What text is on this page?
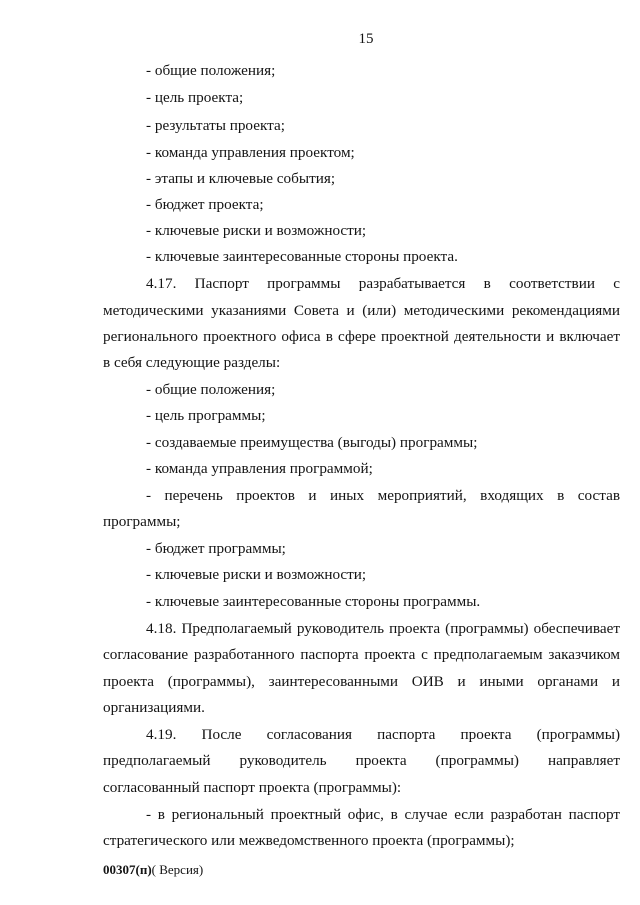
15
- общие положения;
- цель проекта;
- результаты проекта;
- команда управления проектом;
- этапы и ключевые события;
- бюджет проекта;
- ключевые риски и возможности;
- ключевые заинтересованные стороны проекта.
4.17. Паспорт программы разрабатывается в соответствии с
методическими указаниями Совета и (или) методическими рекомендациями
регионального проектного офиса в сфере проектной деятельности и включает
в себя следующие разделы:
- общие положения;
- цель программы;
- создаваемые преимущества (выгоды) программы;
- команда управления программой;
- перечень проектов и иных мероприятий, входящих в состав
программы;
- бюджет программы;
- ключевые риски и возможности;
- ключевые заинтересованные стороны программы.
4.18. Предполагаемый руководитель проекта (программы) обеспечивает
согласование разработанного паспорта проекта с предполагаемым заказчиком
проекта (программы), заинтересованными ОИВ и иными органами и
организациями.
4.19. После согласования паспорта проекта (программы)
предполагаемый руководитель проекта (программы) направляет
согласованный паспорт проекта (программы):
- в региональный проектный офис, в случае если разработан паспорт
стратегического или межведомственного проекта (программы);
00307(п)( Версия)
